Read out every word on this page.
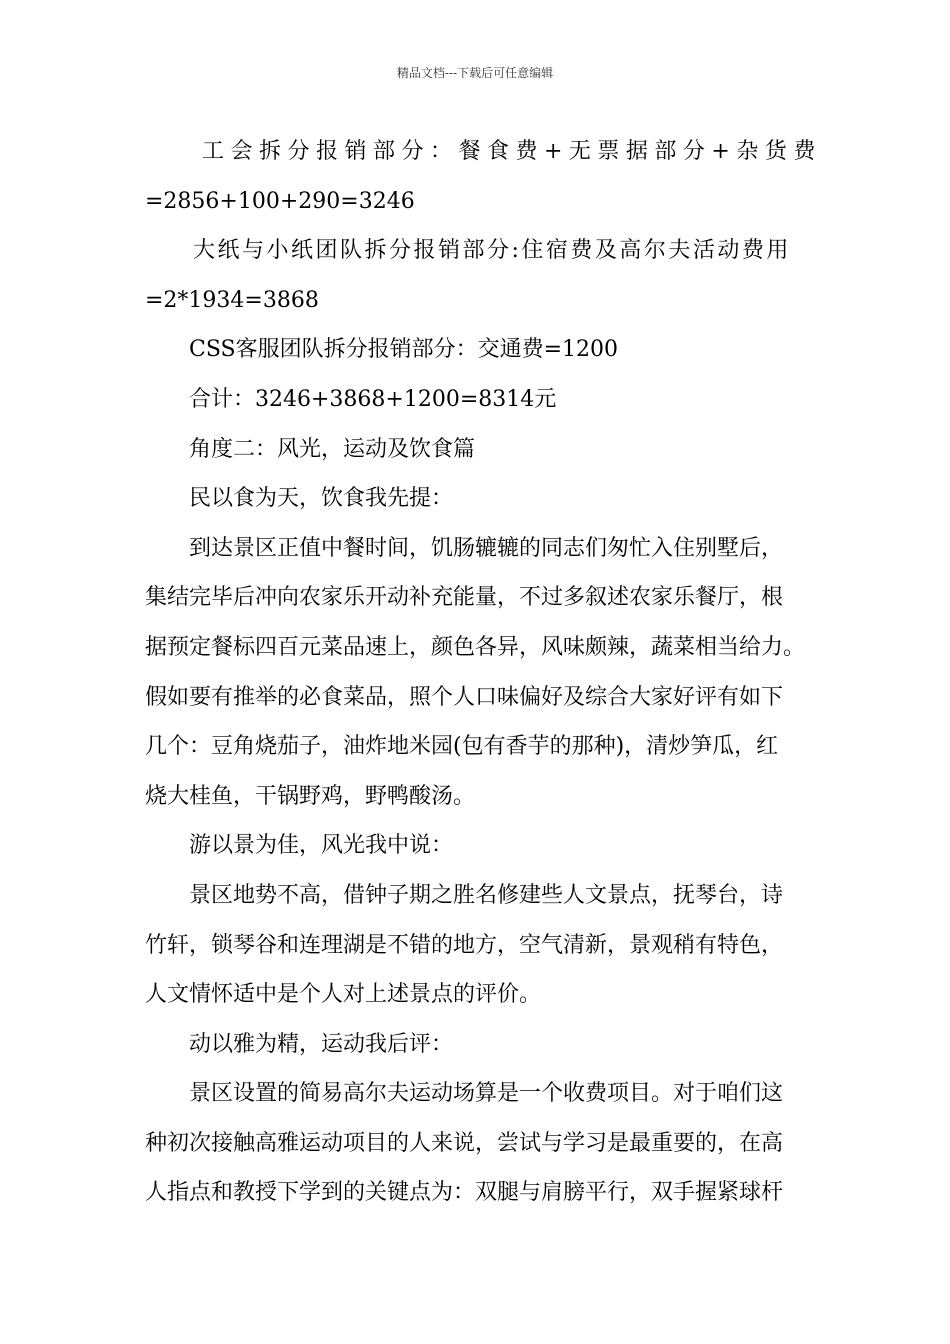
精品文档---下载后可任意编辑
工会拆分报销部分：餐食费+无票据部分+杂货费
=2856+100+290=3246
大纸与小纸团队拆分报销部分:住宿费及高尔夫活动费用
=2*1934=3868
CSS客服团队拆分报销部分：交通费=1200
合计：3246+3868+1200=8314元
角度二：风光，运动及饮食篇
民以食为天，饮食我先提：
到达景区正值中餐时间，饥肠辘辘的同志们匆忙入住别墅后，
集结完毕后冲向农家乐开动补充能量，不过多叙述农家乐餐厅，根
据预定餐标四百元菜品速上，颜色各异，风味颇辣，蔬菜相当给力。
假如要有推举的必食菜品，照个人口味偏好及综合大家好评有如下
几个：豆角烧茄子，油炸地米园(包有香芋的那种)，清炒笋瓜，红
烧大桂鱼，干锅野鸡，野鸭酸汤。
游以景为佳，风光我中说：
景区地势不高，借钟子期之胜名修建些人文景点，抚琴台，诗
竹轩，锁琴谷和连理湖是不错的地方，空气清新，景观稍有特色，
人文情怀适中是个人对上述景点的评价。
动以雅为精，运动我后评：
景区设置的简易高尔夫运动场算是一个收费项目。对于咱们这
种初次接触高雅运动项目的人来说，尝试与学习是最重要的，在高
人指点和教授下学到的关键点为：双腿与肩膀平行，双手握紧球杆
